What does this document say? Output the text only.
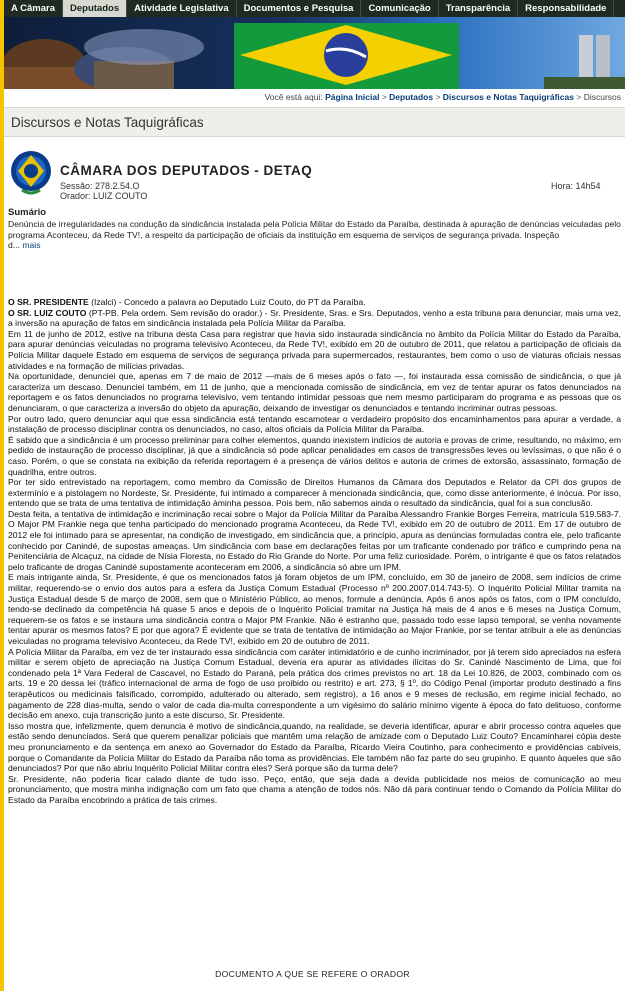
A Câmara	Deputados	Atividade Legislativa	Documentos e Pesquisa	Comunicação	Transparência	Responsabilidade
Você está aqui: Página Inicial > Deputados > Discursos e Notas Taquigráficas > Discursos
Discursos e Notas Taquigráficas
CÂMARA DOS DEPUTADOS - DETAQ
Sessão: 278.2.54.O
Orador: LUIZ COUTO
Hora: 14h54
Sumário

Denúncia de irregularidades na condução da sindicância instalada pela Polícia Militar do Estado da Paraíba, destinada à apuração de denúncias veiculadas pelo programa Aconteceu, da Rede TV!, a respeito da participação de oficiais da instituição em esquema de serviços de segurança privada. Inspeção
d... mais

O SR. PRESIDENTE (Izalci) - Concedo a palavra ao Deputado Luiz Couto, do PT da Paraíba.

O SR. LUIZ COUTO (PT-PB. Pela ordem. Sem revisão do orador.) - Sr. Presidente, Sras. e Srs. Deputados, venho a esta tribuna para denunciar, mais uma vez, a inversão na apuração de fatos em sindicância instalada pela Polícia Militar da Paraíba.

Em 11 de junho de 2012, estive na tribuna desta Casa para registrar que havia sido instaurada sindicância no âmbito da Polícia Militar do Estado da Paraíba, para apurar denúncias veiculadas no programa televisivo Aconteceu, da Rede TV!, exibido em 20 de outubro de 2011, que relatou a participação de oficiais da Polícia Militar daquele Estado em esquema de serviços de segurança privada para supermercados, restaurantes, bem como o uso de viaturas oficiais nessas atividades e na formação de milícias privadas.

Na oportunidade, denunciei que, apenas em 7 de maio de 2012 —mais de 6 meses após o fato —, foi instaurada essa comissão de sindicância, o que já caracteriza um descaso. Denunciei também, em 11 de junho, que a mencionada comissão de sindicância, em vez de tentar apurar os fatos denunciados na reportagem e os fatos denunciados no programa televisivo, vem tentando intimidar pessoas que nem mesmo participaram do programa e as pessoas que os denunciaram, o que caracteriza a inversão do objeto da apuração, deixando de investigar os denunciados e tentando incriminar outras pessoas.

Por outro lado, quero denunciar aqui que essa sindicância está tentando escamotear o verdadeiro propósito dos encaminhamentos para apurar a verdade, a instalação de processo disciplinar contra os denunciados, no caso, altos oficiais da Polícia Militar da Paraíba.

É sabido que a sindicância é um processo preliminar para colher elementos, quando inexistem indícios de autoria e provas de crime, resultando, no máximo, em pedido de instauração de processo disciplinar, já que a sindicância só pode aplicar penalidades em casos de transgressões leves ou levíssimas, o que não é o caso. Porém, o que se constata na exibição da referida reportagem é a presença de vários delitos e autoria de crimes de extorsão, assassinato, formação de quadrilha, entre outros.

Por ter sido entrevistado na reportagem, como membro da Comissão de Direitos Humanos da Câmara dos Deputados e Relator da CPI dos grupos de extermínio e a pistolagem no Nordeste, Sr. Presidente, fui intimado a comparecer à mencionada sindicância, que, como disse anteriormente, é inócua. Por isso, entendo que se trata de uma tentativa de intimidação àminha pessoa. Pois bem, não sabemos ainda o resultado da sindicância, qual foi a sua conclusão.

Desta feita, a tentativa de intimidação e incriminação recai sobre o Major da Polícia Militar da Paraíba Alessandro Frankie Borges Ferreira, matrícula 519.583-7. O Major PM Frankie nega que tenha participado do mencionado programa Aconteceu, da Rede TV!, exibido em 20 de outubro de 2011. Em 17 de outubro de 2012 ele foi intimado para se apresentar, na condição de investigado, em sindicância que, a princípio, apura as denúncias formuladas contra ele, pelo traficante conhecido por Canindé, de supostas ameaças. Um sindicância com base em declarações feitas por um traficante condenado por tráfico e cumprindo pena na Penitenciária de Alcaçuz, na cidade de Nísia Floresta, no Estado do Rio Grande do Norte. Por uma feliz curiosidade. Porém, o intrigante é que os fatos relatados pelo traficante de drogas Canindé supostamente aconteceram em 2006, a sindicância só abre um IPM.

E mais intrigante ainda, Sr. Presidente, é que os mencionados fatos já foram objetos de um IPM, concluído, em 30 de janeiro de 2008, sem indícios de crime militar, requerendo-se o envio dos autos para a esfera da Justiça Comum Estadual (Processo nº 200.2007.014.743-5). O Inquérito Policial Militar tramita na Justiça Estadual desde 5 de março de 2008, sem que o Ministério Público, ao menos, formule a denúncia. Após 6 anos após os fatos, com o IPM concluído, tendo-se declinado da competência há quase 5 anos e depois de o Inquérito Policial tramitar na Justiça há mais de 4 anos e 6 meses na Justiça Comum, requerem-se os fatos e se instaura uma sindicância contra o Major PM Frankie. Não é estranho que, passado todo esse lapso temporal, se venha novamente tentar apurar os mesmos fatos? E por que agora? É evidente que se trata de tentativa de intimidação ao Major Frankie, por se tentar atribuir a ele as denúncias veiculadas no programa televisivo Aconteceu, da Rede TV!, exibido em 20 de outubro de 2011.

A Polícia Militar da Paraíba, em vez de ter instaurado essa sindicância com caráter intimidatório e de cunho incriminador, por já terem sido apreciados na esfera militar e serem objeto de apreciação na Justiça Comum Estadual, deveria era apurar as atividades ilícitas do Sr. Canindé Nascimento de Lima, que foi condenado pela 1ª Vara Federal de Cascavel, no Estado do Paraná, pela prática dos crimes previstos no art. 18 da Lei 10.826, de 2003, combinado com os arts. 19 e 20 dessa lei (tráfico internacional de arma de fogo de uso proibido ou restrito) e art. 273, § 1º, do Código Penal (importar produto destinado a fins terapêuticos ou medicinais falsificado, corrompido, adulterado ou alterado, sem registro), a 16 anos e 9 meses de reclusão, em regime inicial fechado, ao pagamento de 228 dias-multa, sendo o valor de cada dia-multa correspondente a um vigésimo do salário mínimo vigente à época do fato delituoso, conforme decisão em anexo, cuja transcrição junto a este discurso, Sr. Presidente.

Isso mostra que, infelizmente, quem denuncia é motivo de sindicância,quando, na realidade, se deveria identificar, apurar e abrir processo contra aqueles que estão sendo denunciados. Será que querem penalizar policiais que mantêm uma relação de amizade com o Deputado Luiz Couto? Encaminharei cópia deste meu pronunciamento e da sentença em anexo ao Governador do Estado da Paraíba, Ricardo Vieira Coutinho, para conhecimento e providências cabíveis, porque o Comandante da Polícia Militar do Estado da Paraíba não toma as providências. Ele também não faz parte do seu grupinho. E quanto àqueles que são denunciados? Por que não abriu Inquérito Policial Militar contra eles? Será porque são da turma dele?

Sr. Presidente, não poderia ficar calado diante de tudo isso. Peço, então, que seja dada a devida publicidade nos meios de comunicação ao meu pronunciamento, que mostra minha indignação com um fato que chama a atenção de todos nós. Não dá para continuar tendo o Comando da Polícia Militar do Estado da Paraíba encobrindo a prática de tais crimes.

DOCUMENTO A QUE SE REFERE O ORADOR
